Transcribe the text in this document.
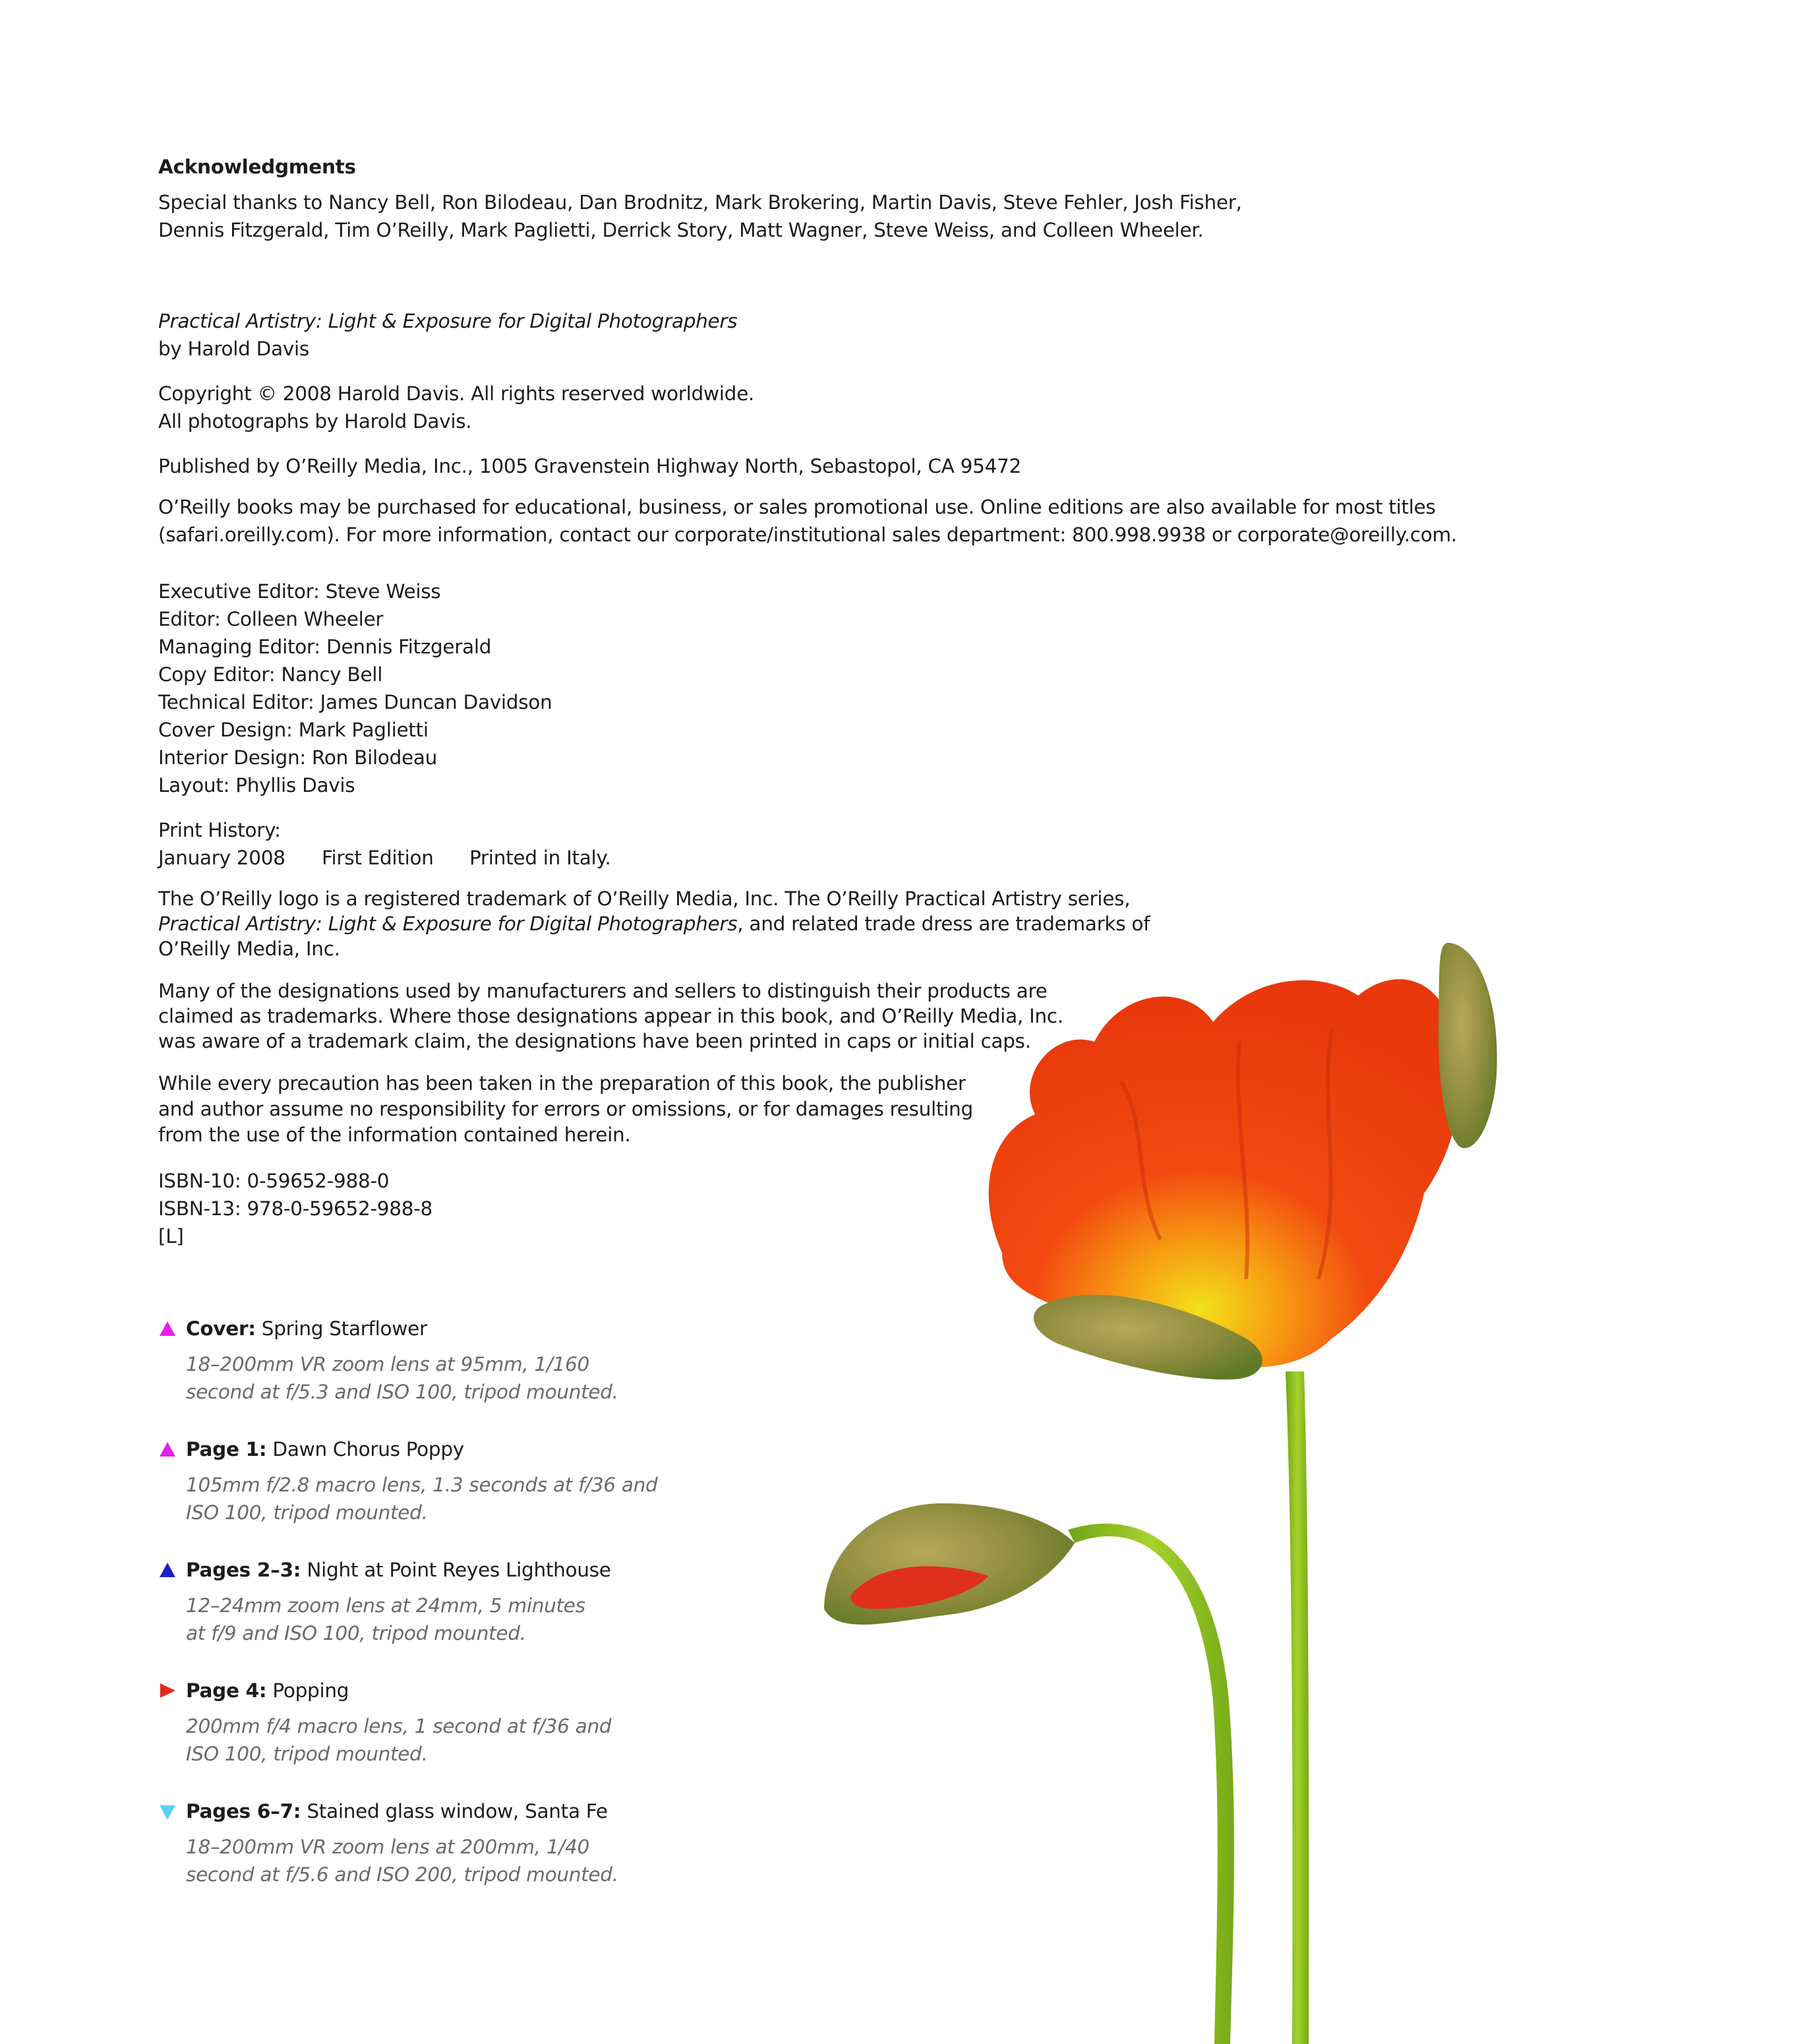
Acknowledgments
Special thanks to Nancy Bell, Ron Bilodeau, Dan Brodnitz, Mark Brokering, Martin Davis, Steve Fehler, Josh Fisher,
Dennis Fitzgerald, Tim O’Reilly, Mark Paglietti, Derrick Story, Matt Wagner, Steve Weiss, and Colleen Wheeler.
Practical Artistry: Light & Exposure for Digital Photographers
by Harold Davis
Copyright © 2008 Harold Davis. All rights reserved worldwide.
All photographs by Harold Davis.
Published by O’Reilly Media, Inc., 1005 Gravenstein Highway North, Sebastopol, CA 95472
O’Reilly books may be purchased for educational, business, or sales promotional use. Online editions are also available for most titles
(safari.oreilly.com). For more information, contact our corporate/institutional sales department: 800.998.9938 or corporate@oreilly.com.
Executive Editor: Steve Weiss
Editor: Colleen Wheeler
Managing Editor: Dennis Fitzgerald
Copy Editor: Nancy Bell
Technical Editor: James Duncan Davidson
Cover Design: Mark Paglietti
Interior Design: Ron Bilodeau
Layout: Phyllis Davis
Print History:
January 2008 First Edition Printed in Italy.
The O’Reilly logo is a registered trademark of O’Reilly Media, Inc. The O’Reilly Practical Artistry series,
Practical Artistry: Light & Exposure for Digital Photographers, and related trade dress are trademarks of
O’Reilly Media, Inc.
Many of the designations used by manufacturers and sellers to distinguish their products are
claimed as trademarks. Where those designations appear in this book, and O’Reilly Media, Inc.
was aware of a trademark claim, the designations have been printed in caps or initial caps.
While every precaution has been taken in the preparation of this book, the publisher
and author assume no responsibility for errors or omissions, or for damages resulting
from the use of the information contained herein.
ISBN-10: 0-59652-988-0
ISBN-13: 978-0-59652-988-8
[L]
Cover: Spring Starflower
18–200mm VR zoom lens at 95mm, 1/160
second at f/5.3 and ISO 100, tripod mounted.
Page 1: Dawn Chorus Poppy
105mm f/2.8 macro lens, 1.3 seconds at f/36 and
ISO 100, tripod mounted.
Pages 2–3: Night at Point Reyes Lighthouse
12–24mm zoom lens at 24mm, 5 minutes
at f/9 and ISO 100, tripod mounted.
Page 4: Popping
200mm f/4 macro lens, 1 second at f/36 and
ISO 100, tripod mounted.
Pages 6–7: Stained glass window, Santa Fe
18–200mm VR zoom lens at 200mm, 1/40
second at f/5.6 and ISO 200, tripod mounted.
